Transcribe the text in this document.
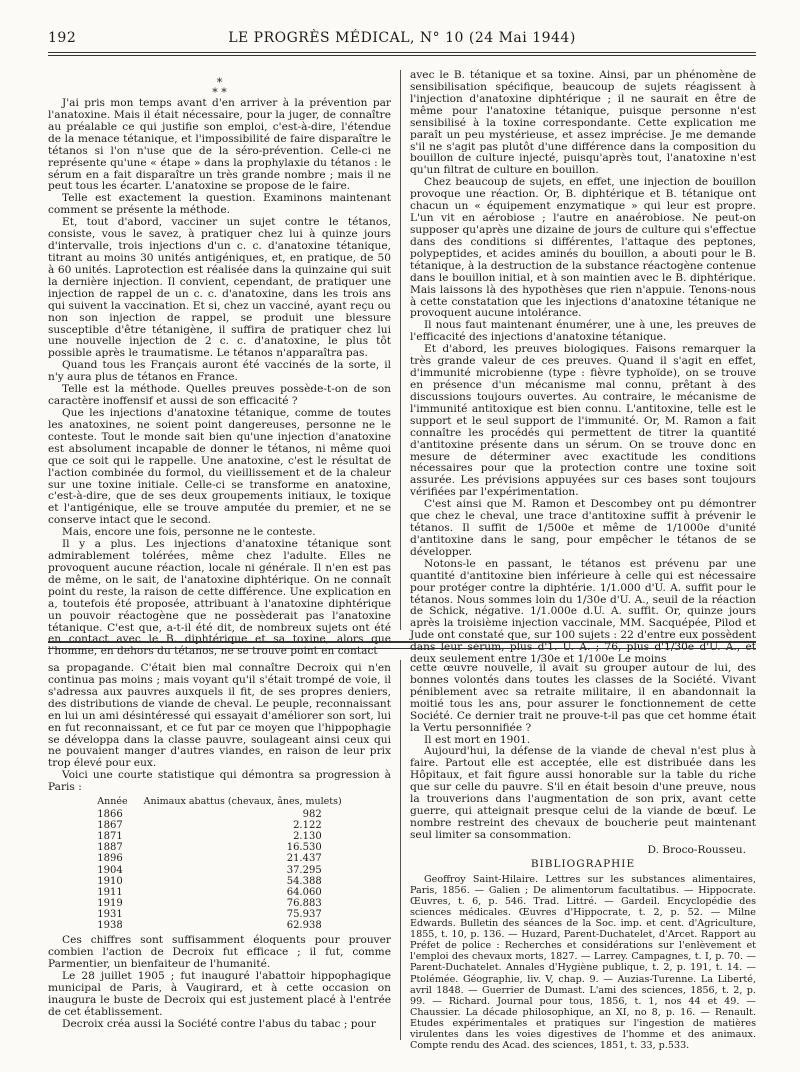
LE PROGRÈS MÉDICAL, N° 10 (24 Mai 1944)
192
*
* *

J'ai pris mon temps avant d'en arriver à la prévention par l'anatoxine. Mais il était nécessaire, pour la juger, de connaître au préalable ce qui justifie son emploi, c'est-à-dire, l'étendue de la menace tétanique, et l'impossibilité de faire disparaître le tétanos si l'on n'use que de la séro-prévention. Celle-ci ne représente qu'une « étape » dans la prophylaxie du tétanos : le sérum en a fait disparaître un très grande nombre ; mais il ne peut tous les écarter. L'anatoxine se propose de le faire.

Telle est exactement la question. Examinons maintenant comment se présente la méthode.

Et, tout d'abord, vacciner un sujet contre le tétanos, consiste, vous le savez, à pratiquer chez lui à quinze jours d'intervalle, trois injections d'un c. c. d'anatoxine tétanique, titrant au moins 30 unités antigéniques, et, en pratique, de 50 à 60 unités. Laprotection est réalisée dans la quinzaine qui suit la dernière injection. Il convient, cependant, de pratiquer une injection de rappel de un c. c. d'anatoxine, dans les trois ans qui suivent la vaccination. Et si, chez un vacciné, ayant reçu ou non son injection de rappel, se produit une blessure susceptible d'être tétanigène, il suffira de pratiquer chez lui une nouvelle injection de 2 c. c. d'anatoxine, le plus tôt possible après le traumatisme. Le tétanos n'apparaîtra pas.

Quand tous les Français auront été vaccinés de la sorte, il n'y aura plus de tétanos en France.

Telle est la méthode. Quelles preuves possède-t-on de son caractère inoffensif et aussi de son efficacité ?

Que les injections d'anatoxine tétanique, comme de toutes les anatoxines, ne soient point dangereuses, personne ne le conteste. Tout le monde sait bien qu'une injection d'anatoxine est absolument incapable de donner le tétanos, ni même quoi que ce soit qui le rappelle. Une anatoxine, c'est le résultat de l'action combinée du formol, du vieillissement et de la chaleur sur une toxine initiale. Celle-ci se transforme en anatoxine, c'est-à-dire, que de ses deux groupements initiaux, le toxique et l'antigénique, elle se trouve amputée du premier, et ne se conserve intact que le second.

Mais, encore une fois, personne ne le conteste.

Il y a plus. Les injections d'anatoxine tétanique sont admirablement tolérées, même chez l'adulte. Elles ne provoquent aucune réaction, locale ni générale. Il n'en est pas de même, on le sait, de l'anatoxine diphtérique. On ne connaît point du reste, la raison de cette différence. Une explication en a, toutefois été proposée, attribuant à l'anatoxine diphtérique un pouvoir réactogène que ne possèderait pas l'anatoxine tétanique. C'est que, a-t-il été dit, de nombreux sujets ont été en contact avec le B. diphtérique et sa toxine, alors que l'homme, en dehors du tétanos, ne se trouve point en contact

avec le B. tétanique et sa toxine. Ainsi, par un phénomène de sensibilisation spécifique, beaucoup de sujets réagissent à l'injection d'anatoxine diphtérique ; il ne saurait en être de même pour l'anatoxine tétanique, puisque personne n'est sensibilisé à la toxine correspondante. Cette explication me paraît un peu mystérieuse, et assez imprécise. Je me demande s'il ne s'agit pas plutôt d'une différence dans la composition du bouillon de culture injecté, puisqu'après tout, l'anatoxine n'est qu'un filtrat de culture en bouillon.

Chez beaucoup de sujets, en effet, une injection de bouillon provoque une réaction. Or, B. diphtérique et B. tétanique ont chacun un « équipement enzymatique » qui leur est propre. L'un vit en aérobiose ; l'autre en anaérobiose. Ne peut-on supposer qu'après une dizaine de jours de culture qui s'effectue dans des conditions si différentes, l'attaque des peptones, polypeptides, et acides aminés du bouillon, a abouti pour le B. tétanique, à la destruction de la substance réactogène contenue dans le bouillon initial, et à son maintien avec le B. diphtérique. Mais laissons là des hypothèses que rien n'appuie. Tenons-nous à cette constatation que les injections d'anatoxine tétanique ne provoquent aucune intolérance.

Il nous faut maintenant énumérer, une à une, les preuves de l'efficacité des injections d'anatoxine tétanique.

Et d'abord, les preuves biologiques. Faisons remarquer la très grande valeur de ces preuves. Quand il s'agit en effet, d'immunité microbienne (type : fièvre typhoïde), on se trouve en présence d'un mécanisme mal connu, prêtant à des discussions toujours ouvertes. Au contraire, le mécanisme de l'immunité antitoxique est bien connu. L'antitoxine, telle est le support et le seul support de l'immunité. Or, M. Ramon a fait connaître les procédés qui permettent de titrer la quantité d'antitoxine présente dans un sérum. On se trouve donc en mesure de déterminer avec exactitude les conditions nécessaires pour que la protection contre une toxine soit assurée. Les prévisions appuyées sur ces bases sont toujours vérifiées par l'expérimentation.

C'est ainsi que M. Ramon et Descombey ont pu démontrer que chez le cheval, une trace d'antitoxine suffit à prévenir le tétanos. Il suffit de 1/500e et même de 1/1000e d'unité d'antitoxine dans le sang, pour empêcher le tétanos de se développer.

Notons-le en passant, le tétanos est prévenu par une quantité d'antitoxine bien inférieure à celle qui est nécessaire pour protéger contre la diphtérie. 1/1.000 d'U. A. suffit pour le tétanos. Nous sommes loin du 1/30e d'U. A., seuil de la réaction de Schick, négative. 1/1.000e d.U. A. suffit. Or, quinze jours après la troisième injection vaccinale, MM. Sacquépée, Pilod et Jude ont constaté que, sur 100 sujets : 22 d'entre eux possèdent dans leur sérum, plus d'1. U. A. ; 76, plus d'1/30e d'U. A., et deux seulement entre 1/30e et 1/100e Le moins

sa propagande. C'était bien mal connaître Decroix qui n'en continua pas moins ; mais voyant qu'il s'était trompé de voie, il s'adressa aux pauvres auxquels il fit, de ses propres deniers, des distributions de viande de cheval. Le peuple, reconnaissant en lui un ami désintéressé qui essayait d'améliorer son sort, lui en fut reconnaissant, et ce fut par ce moyen que l'hippophagie se développa dans la classe pauvre, soulageant ainsi ceux qui ne pouvaient manger d'autres viandes, en raison de leur prix trop élevé pour eux.

Voici une courte statistique qui démontra sa progression à Paris :

Année	Animaux abattus (chevaux, ânes, mulets)
1866	982
1867	2.122
1871	2.130
1887	16.530
1896	21.437
1904	37.295
1910	54.388
1911	64.060
1919	76.883
1931	75.937
1938	62.938

Ces chiffres sont suffisamment éloquents pour prouver combien l'action de Decroix fut efficace ; il fut, comme Parmentier, un bienfaiteur de l'humanité.

Le 28 juillet 1905 ; fut inauguré l'abattoir hippophagique municipal de Paris, à Vaugirard, et à cette occasion on inaugura le buste de Decroix qui est justement placé à l'entrée de cet établissement.

Decroix créa aussi la Société contre l'abus du tabac ; pour

cette œuvre nouvelle, il avait su grouper autour de lui, des bonnes volontés dans toutes les classes de la Société. Vivant péniblement avec sa retraite militaire, il en abandonnait la moitié tous les ans, pour assurer le fonctionnement de cette Société. Ce dernier trait ne prouve-t-il pas que cet homme était la Vertu personnifiée ?

Il est mort en 1901.

Aujourd'hui, la défense de la viande de cheval n'est plus à faire. Partout elle est acceptée, elle est distribuée dans les Hôpitaux, et fait figure aussi honorable sur la table du riche que sur celle du pauvre. S'il en était besoin d'une preuve, nous la trouverions dans l'augmentation de son prix, avant cette guerre, qui atteignait presque celui de la viande de bœuf. Le nombre restreint des chevaux de boucherie peut maintenant seul limiter sa consommation.

D. Broco-Rousseu.
BIBLIOGRAPHIE

Geoffroy Saint-Hilaire. Lettres sur les substances alimentaires, Paris, 1856. — Galien ; De alimentorum facultatibus. — Hippocrate. Œuvres, t. 6, p. 546. Trad. Littré. — Gardeil. Encyclopédie des sciences médicales. Œuvres d'Hippocrate, t. 2, p. 52. — Milne Edwards. Bulletin des séances de la Soc. imp. et cent. d'Agriculture, 1855, t. 10, p. 136. — Huzard, Parent-Duchatelet, d'Arcet. Rapport au Préfet de police : Recherches et considérations sur l'enlèvement et l'emploi des chevaux morts, 1827. — Larrey. Campagnes, t. I, p. 70. — Parent-Duchatelet. Annales d'Hygiène publique, t. 2, p. 191, t. 14. — Ptolémée. Géographie, liv. V, chap. 9. — Auzias-Turenne. La Liberté, avril 1848. — Guerrier de Dumast. L'ami des sciences, 1856, t. 2, p. 99. — Richard. Journal pour tous, 1856, t. 1, nos 44 et 49. — Chaussier. La décade philosophique, an XI, no 8, p. 16. — Renault. Etudes expérimentales et pratiques sur l'ingestion de matières virulentes dans les voies digestives de l'homme et des animaux. Compte rendu des Acad. des sciences, 1851, t. 33, p.533.
